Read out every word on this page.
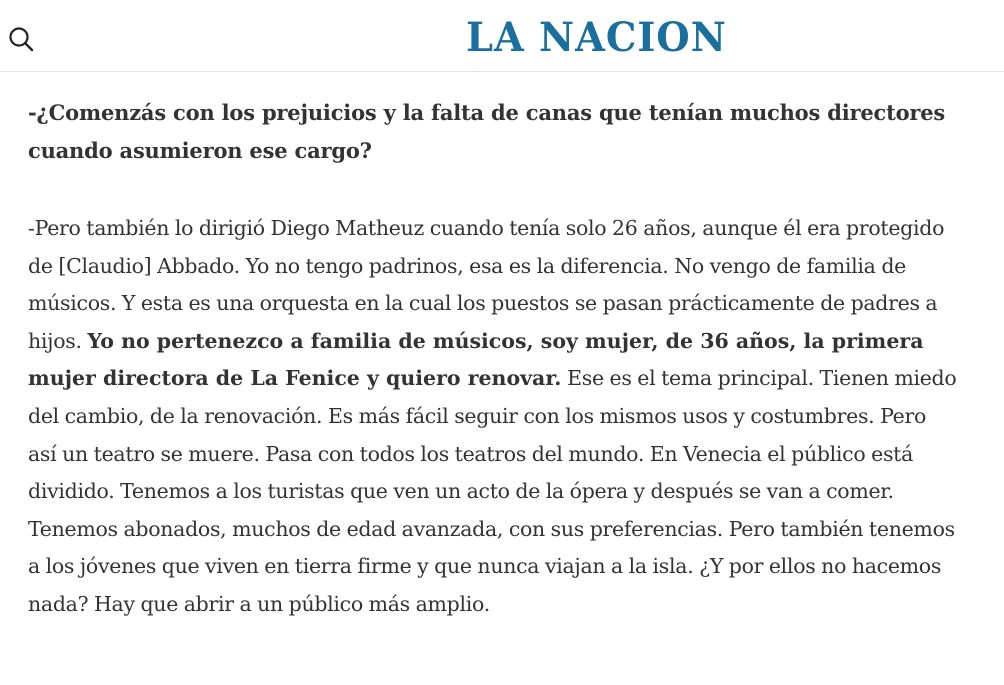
LA NACION

-¿Comenzás con los prejuicios y la falta de canas que tenían muchos directores cuando asumieron ese cargo?

-Pero también lo dirigió Diego Matheuz cuando tenía solo 26 años, aunque él era protegido de [Claudio] Abbado. Yo no tengo padrinos, esa es la diferencia. No vengo de familia de músicos. Y esta es una orquesta en la cual los puestos se pasan prácticamente de padres a hijos. Yo no pertenezco a familia de músicos, soy mujer, de 36 años, la primera mujer directora de La Fenice y quiero renovar. Ese es el tema principal. Tienen miedo del cambio, de la renovación. Es más fácil seguir con los mismos usos y costumbres. Pero así un teatro se muere. Pasa con todos los teatros del mundo. En Venecia el público está dividido. Tenemos a los turistas que ven un acto de la ópera y después se van a comer. Tenemos abonados, muchos de edad avanzada, con sus preferencias. Pero también tenemos a los jóvenes que viven en tierra firme y que nunca viajan a la isla. ¿Y por ellos no hacemos nada? Hay que abrir a un público más amplio.
